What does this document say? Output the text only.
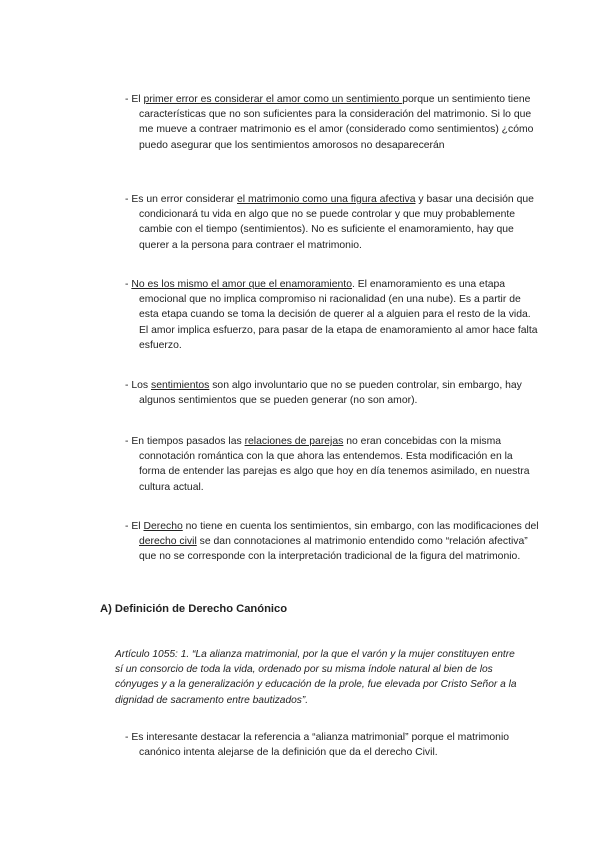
- El primer error es considerar el amor como un sentimiento porque un sentimiento tiene características que no son suficientes para la consideración del matrimonio. Si lo que me mueve a contraer matrimonio es el amor (considerado como sentimientos) ¿cómo puedo asegurar que los sentimientos amorosos no desaparecerán

- Es un error considerar el matrimonio como una figura afectiva y basar una decisión que condicionará tu vida en algo que no se puede controlar y que muy probablemente cambie con el tiempo (sentimientos). No es suficiente el enamoramiento, hay que querer a la persona para contraer el matrimonio.

- No es los mismo el amor que el enamoramiento. El enamoramiento es una etapa emocional que no implica compromiso ni racionalidad (en una nube). Es a partir de esta etapa cuando se toma la decisión de querer al a alguien para el resto de la vida. El amor implica esfuerzo, para pasar de la etapa de enamoramiento al amor hace falta esfuerzo.

- Los sentimientos son algo involuntario que no se pueden controlar, sin embargo, hay algunos sentimientos que se pueden generar (no son amor).

- En tiempos pasados las relaciones de parejas no eran concebidas con la misma connotación romántica con la que ahora las entendemos. Esta modificación en la forma de entender las parejas es algo que hoy en día tenemos asimilado, en nuestra cultura actual.

- El Derecho no tiene en cuenta los sentimientos, sin embargo, con las modificaciones del derecho civil se dan connotaciones al matrimonio entendido como “relación afectiva” que no se corresponde con la interpretación tradicional de la figura del matrimonio.

A) Definición de Derecho Canónico

Artículo 1055: 1. “La alianza matrimonial, por la que el varón y la mujer constituyen entre sí un consorcio de toda la vida, ordenado por su misma índole natural al bien de los cónyuges y a la generalización y educación de la prole, fue elevada por Cristo Señor a la dignidad de sacramento entre bautizados”.

- Es interesante destacar la referencia a “alianza matrimonial” porque el matrimonio canónico intenta alejarse de la definición que da el derecho Civil.
